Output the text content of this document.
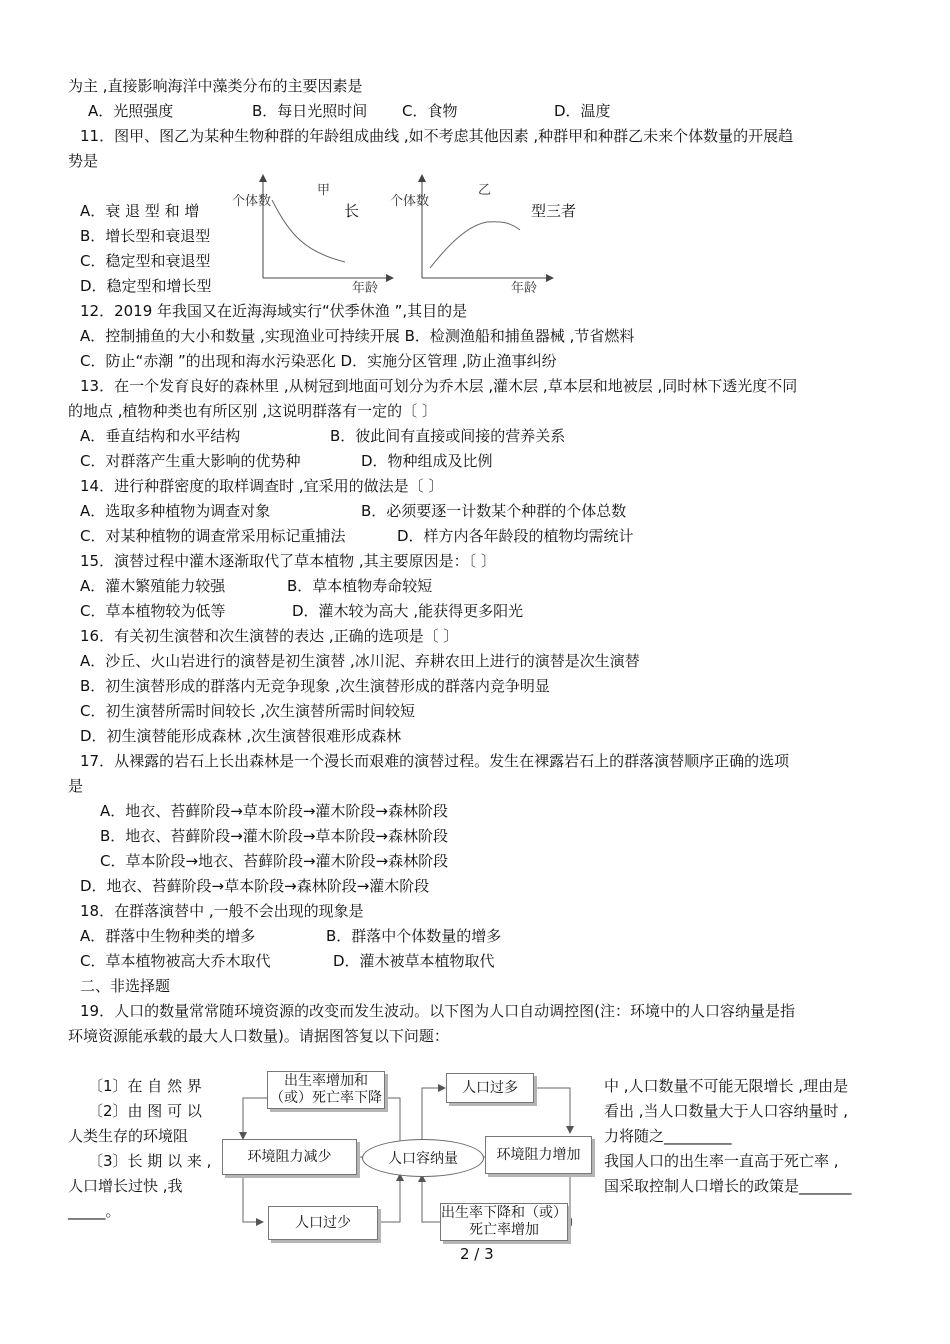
为主 ,直接影响海洋中藻类分布的主要因素是
A．光照强度	B．每日光照时间 C．食物	D．温度
11．图甲、图乙为某种生物种群的年龄组成曲线 ,如不考虑其他因素 ,种群甲和种群乙未来个体数量的开展趋
势是
A．衰 退 型 和 增	长	型三者
B．增长型和衰退型
C．稳定型和衰退型
D．稳定型和增长型
12．2019 年我国又在近海海域实行“伏季休渔 ”,其目的是
A．控制捕鱼的大小和数量 ,实现渔业可持续开展 B．检测渔船和捕鱼器械 ,节省燃料
C．防止“赤潮 ”的出现和海水污染恶化 D．实施分区管理 ,防止渔事纠纷
13．在一个发育良好的森林里 ,从树冠到地面可划分为乔木层 ,灌木层 ,草本层和地被层 ,同时林下透光度不同
的地点 ,植物种类也有所区别 ,这说明群落有一定的〔 〕
A．垂直结构和水平结构	B．彼此间有直接或间接的营养关系
C．对群落产生重大影响的优势种	D．物种组成及比例
14．进行种群密度的取样调查时 ,宜采用的做法是〔 〕
A．选取多种植物为调查对象	B．必须要逐一计数某个种群的个体总数
C．对某种植物的调查常采用标记重捕法	D．样方内各年龄段的植物均需统计
15．演替过程中灌木逐渐取代了草本植物 ,其主要原因是：〔 〕
A．灌木繁殖能力较强	B．草本植物寿命较短
C．草本植物较为低等	D．灌木较为高大 ,能获得更多阳光
16．有关初生演替和次生演替的表达 ,正确的选项是〔 〕
A．沙丘、火山岩进行的演替是初生演替 ,冰川泥、弃耕农田上进行的演替是次生演替
B．初生演替形成的群落内无竞争现象 ,次生演替形成的群落内竞争明显
C．初生演替所需时间较长 ,次生演替所需时间较短
D．初生演替能形成森林 ,次生演替很难形成森林
17．从裸露的岩石上长出森林是一个漫长而艰难的演替过程。发生在裸露岩石上的群落演替顺序正确的选项
是
A．地衣、苔藓阶段→草本阶段→灌木阶段→森林阶段
B．地衣、苔藓阶段→灌木阶段→草本阶段→森林阶段
C．草本阶段→地衣、苔藓阶段→灌木阶段→森林阶段
D．地衣、苔藓阶段→草本阶段→森林阶段→灌木阶段
18．在群落演替中 ,一般不会出现的现象是
A．群落中生物种类的增多	B．群落中个体数量的增多
C．草本植物被高大乔木取代	D．灌木被草本植物取代
二、非选择题
19．人口的数量常常随环境资源的改变而发生波动。以下图为人口自动调控图(注：环境中的人口容纳量是指
环境资源能承载的最大人口数量)。请据图答复以下问题：
〔1〕在 自 然 界
〔2〕由 图 可 以
人类生存的环境阻
〔3〕长 期 以 来 ,
人口增长过快 ,我
_____。
中 ,人口数量不可能无限增长 ,理由是
看出 ,当人口数量大于人口容纳量时 ,
力将随之_________
我国人口的出生率一直高于死亡率 ,
国采取控制人口增长的政策是_______
2 / 3
个体数
甲
年龄
个体数
乙
年龄
出生率增加和（或）死亡率下降
人口过多
环境阻力减少	人口容纳量	环境阻力增加
人口过少
出生率下降和（或）死亡率增加
